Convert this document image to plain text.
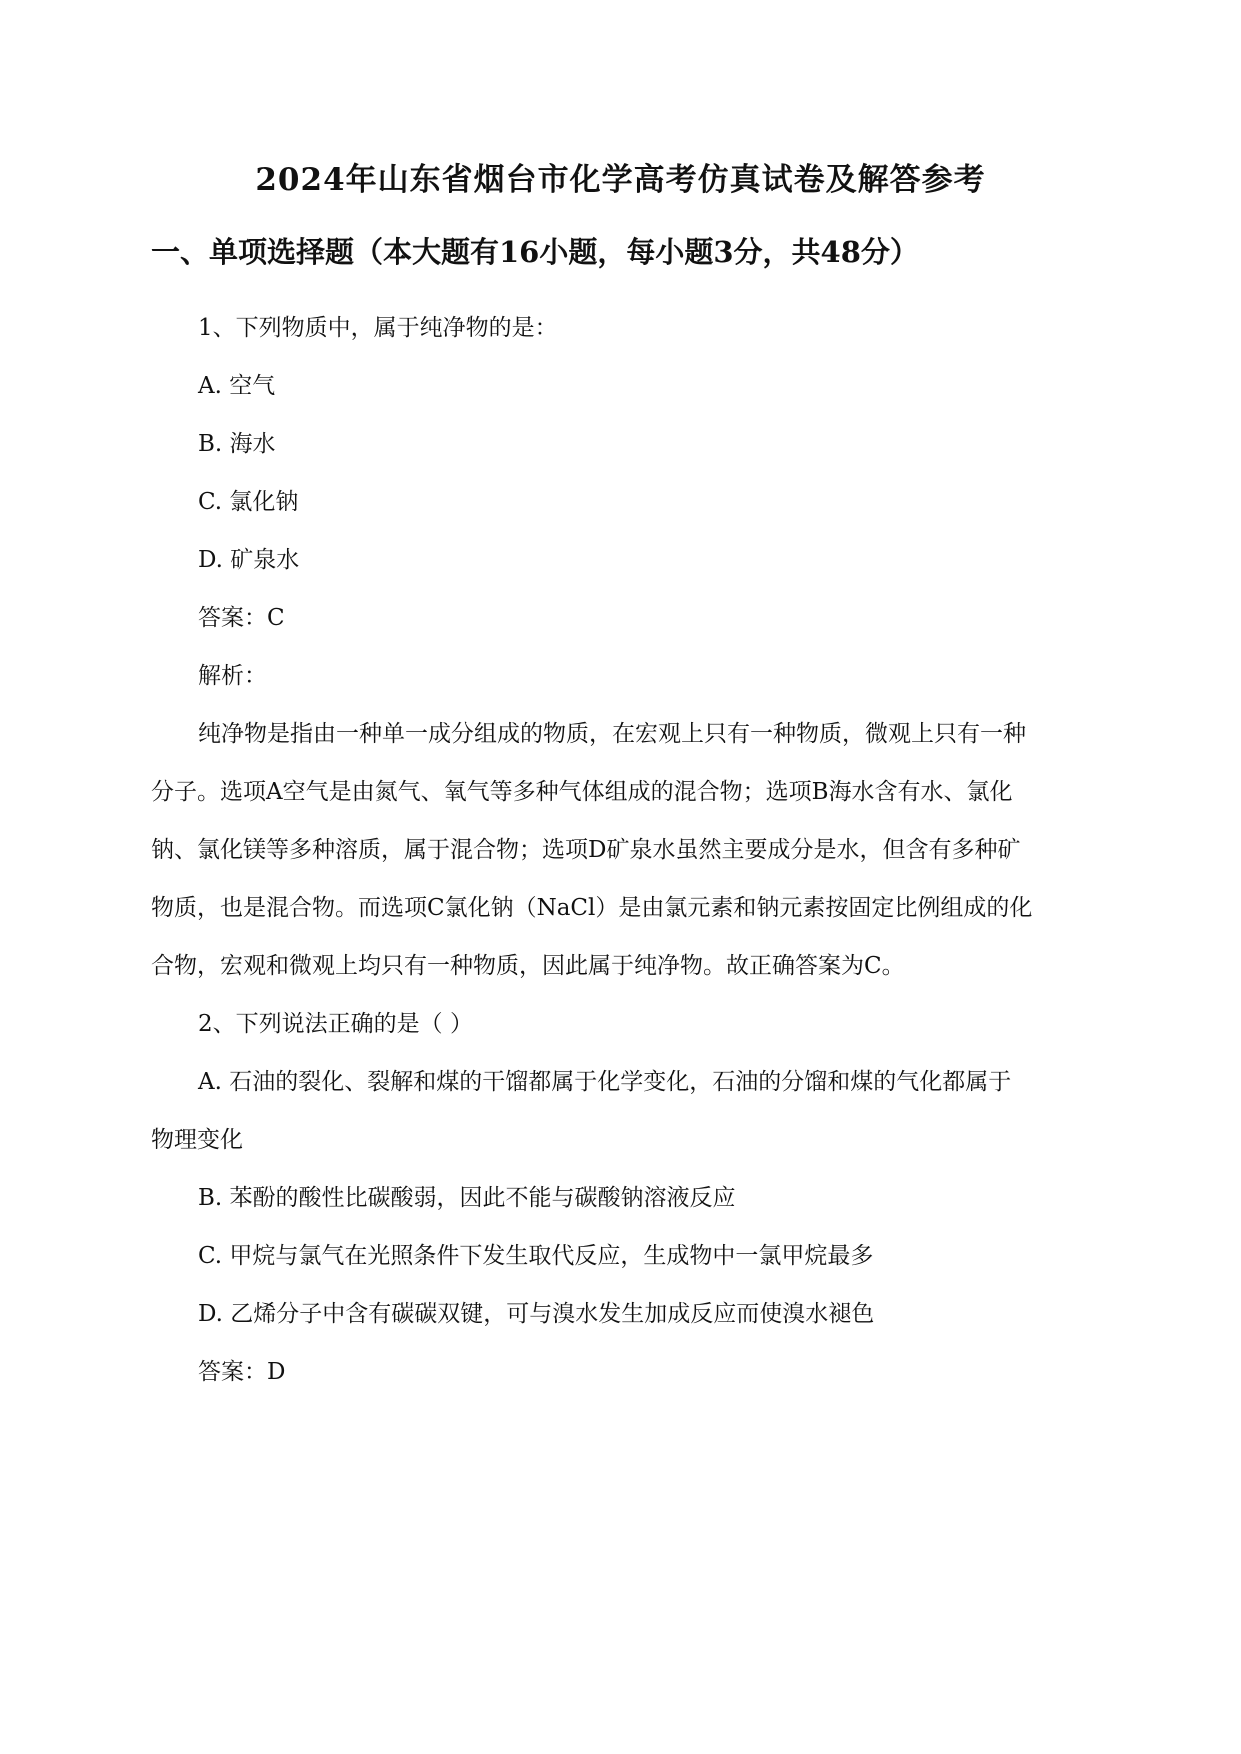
2024年山东省烟台市化学高考仿真试卷及解答参考
一、单项选择题（本大题有16小题，每小题3分，共48分）
1、下列物质中，属于纯净物的是：
A. 空气
B. 海水
C. 氯化钠
D. 矿泉水
答案：C
解析：
纯净物是指由一种单一成分组成的物质，在宏观上只有一种物质，微观上只有一种
分子。选项A空气是由氮气、氧气等多种气体组成的混合物；选项B海水含有水、氯化
钠、氯化镁等多种溶质，属于混合物；选项D矿泉水虽然主要成分是水，但含有多种矿
物质，也是混合物。而选项C氯化钠（NaCl）是由氯元素和钠元素按固定比例组成的化
合物，宏观和微观上均只有一种物质，因此属于纯净物。故正确答案为C。
2、下列说法正确的是（ ）
A. 石油的裂化、裂解和煤的干馏都属于化学变化，石油的分馏和煤的气化都属于
物理变化
B. 苯酚的酸性比碳酸弱，因此不能与碳酸钠溶液反应
C. 甲烷与氯气在光照条件下发生取代反应，生成物中一氯甲烷最多
D. 乙烯分子中含有碳碳双键，可与溴水发生加成反应而使溴水褪色
答案：D
